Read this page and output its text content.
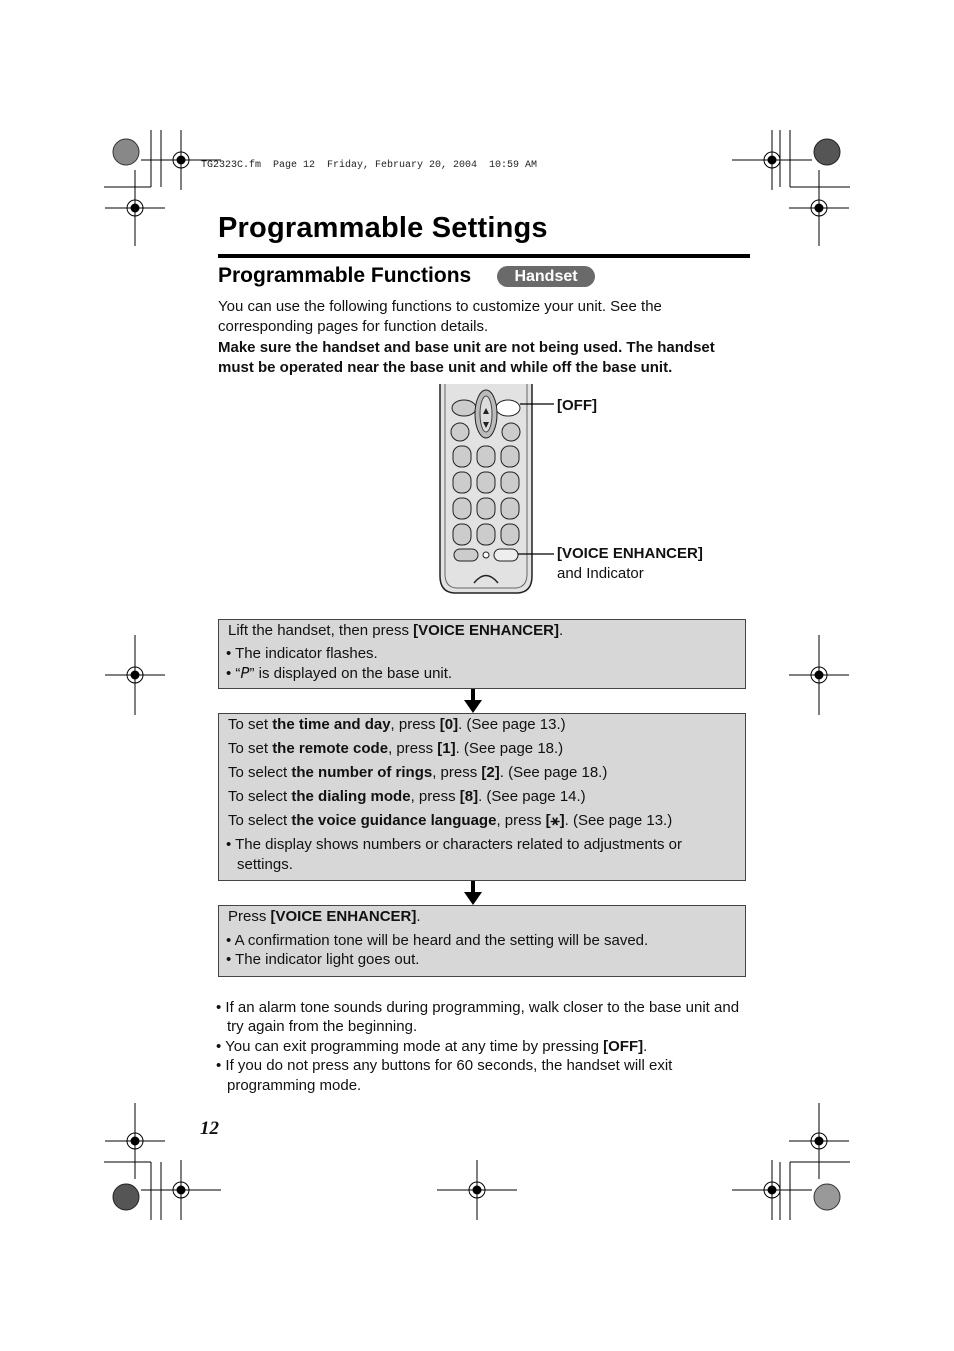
TG2323C.fm  Page 12  Friday, February 20, 2004  10:59 AM
Programmable Settings
Programmable Functions	Handset
You can use the following functions to customize your unit. See the corresponding pages for function details.
Make sure the handset and base unit are not being used. The handset must be operated near the base unit and while off the base unit.
[OFF]
[VOICE ENHANCER]
and Indicator
Lift the handset, then press [VOICE ENHANCER].
• The indicator flashes.
• “P” is displayed on the base unit.
To set the time and day, press [0]. (See page 13.)
To set the remote code, press [1]. (See page 18.)
To select the number of rings, press [2]. (See page 18.)
To select the dialing mode, press [8]. (See page 14.)
To select the voice guidance language, press [⚹]. (See page 13.)
• The display shows numbers or characters related to adjustments or settings.
Press [VOICE ENHANCER].
• A confirmation tone will be heard and the setting will be saved.
• The indicator light goes out.
• If an alarm tone sounds during programming, walk closer to the base unit and try again from the beginning.
• You can exit programming mode at any time by pressing [OFF].
• If you do not press any buttons for 60 seconds, the handset will exit programming mode.
12
